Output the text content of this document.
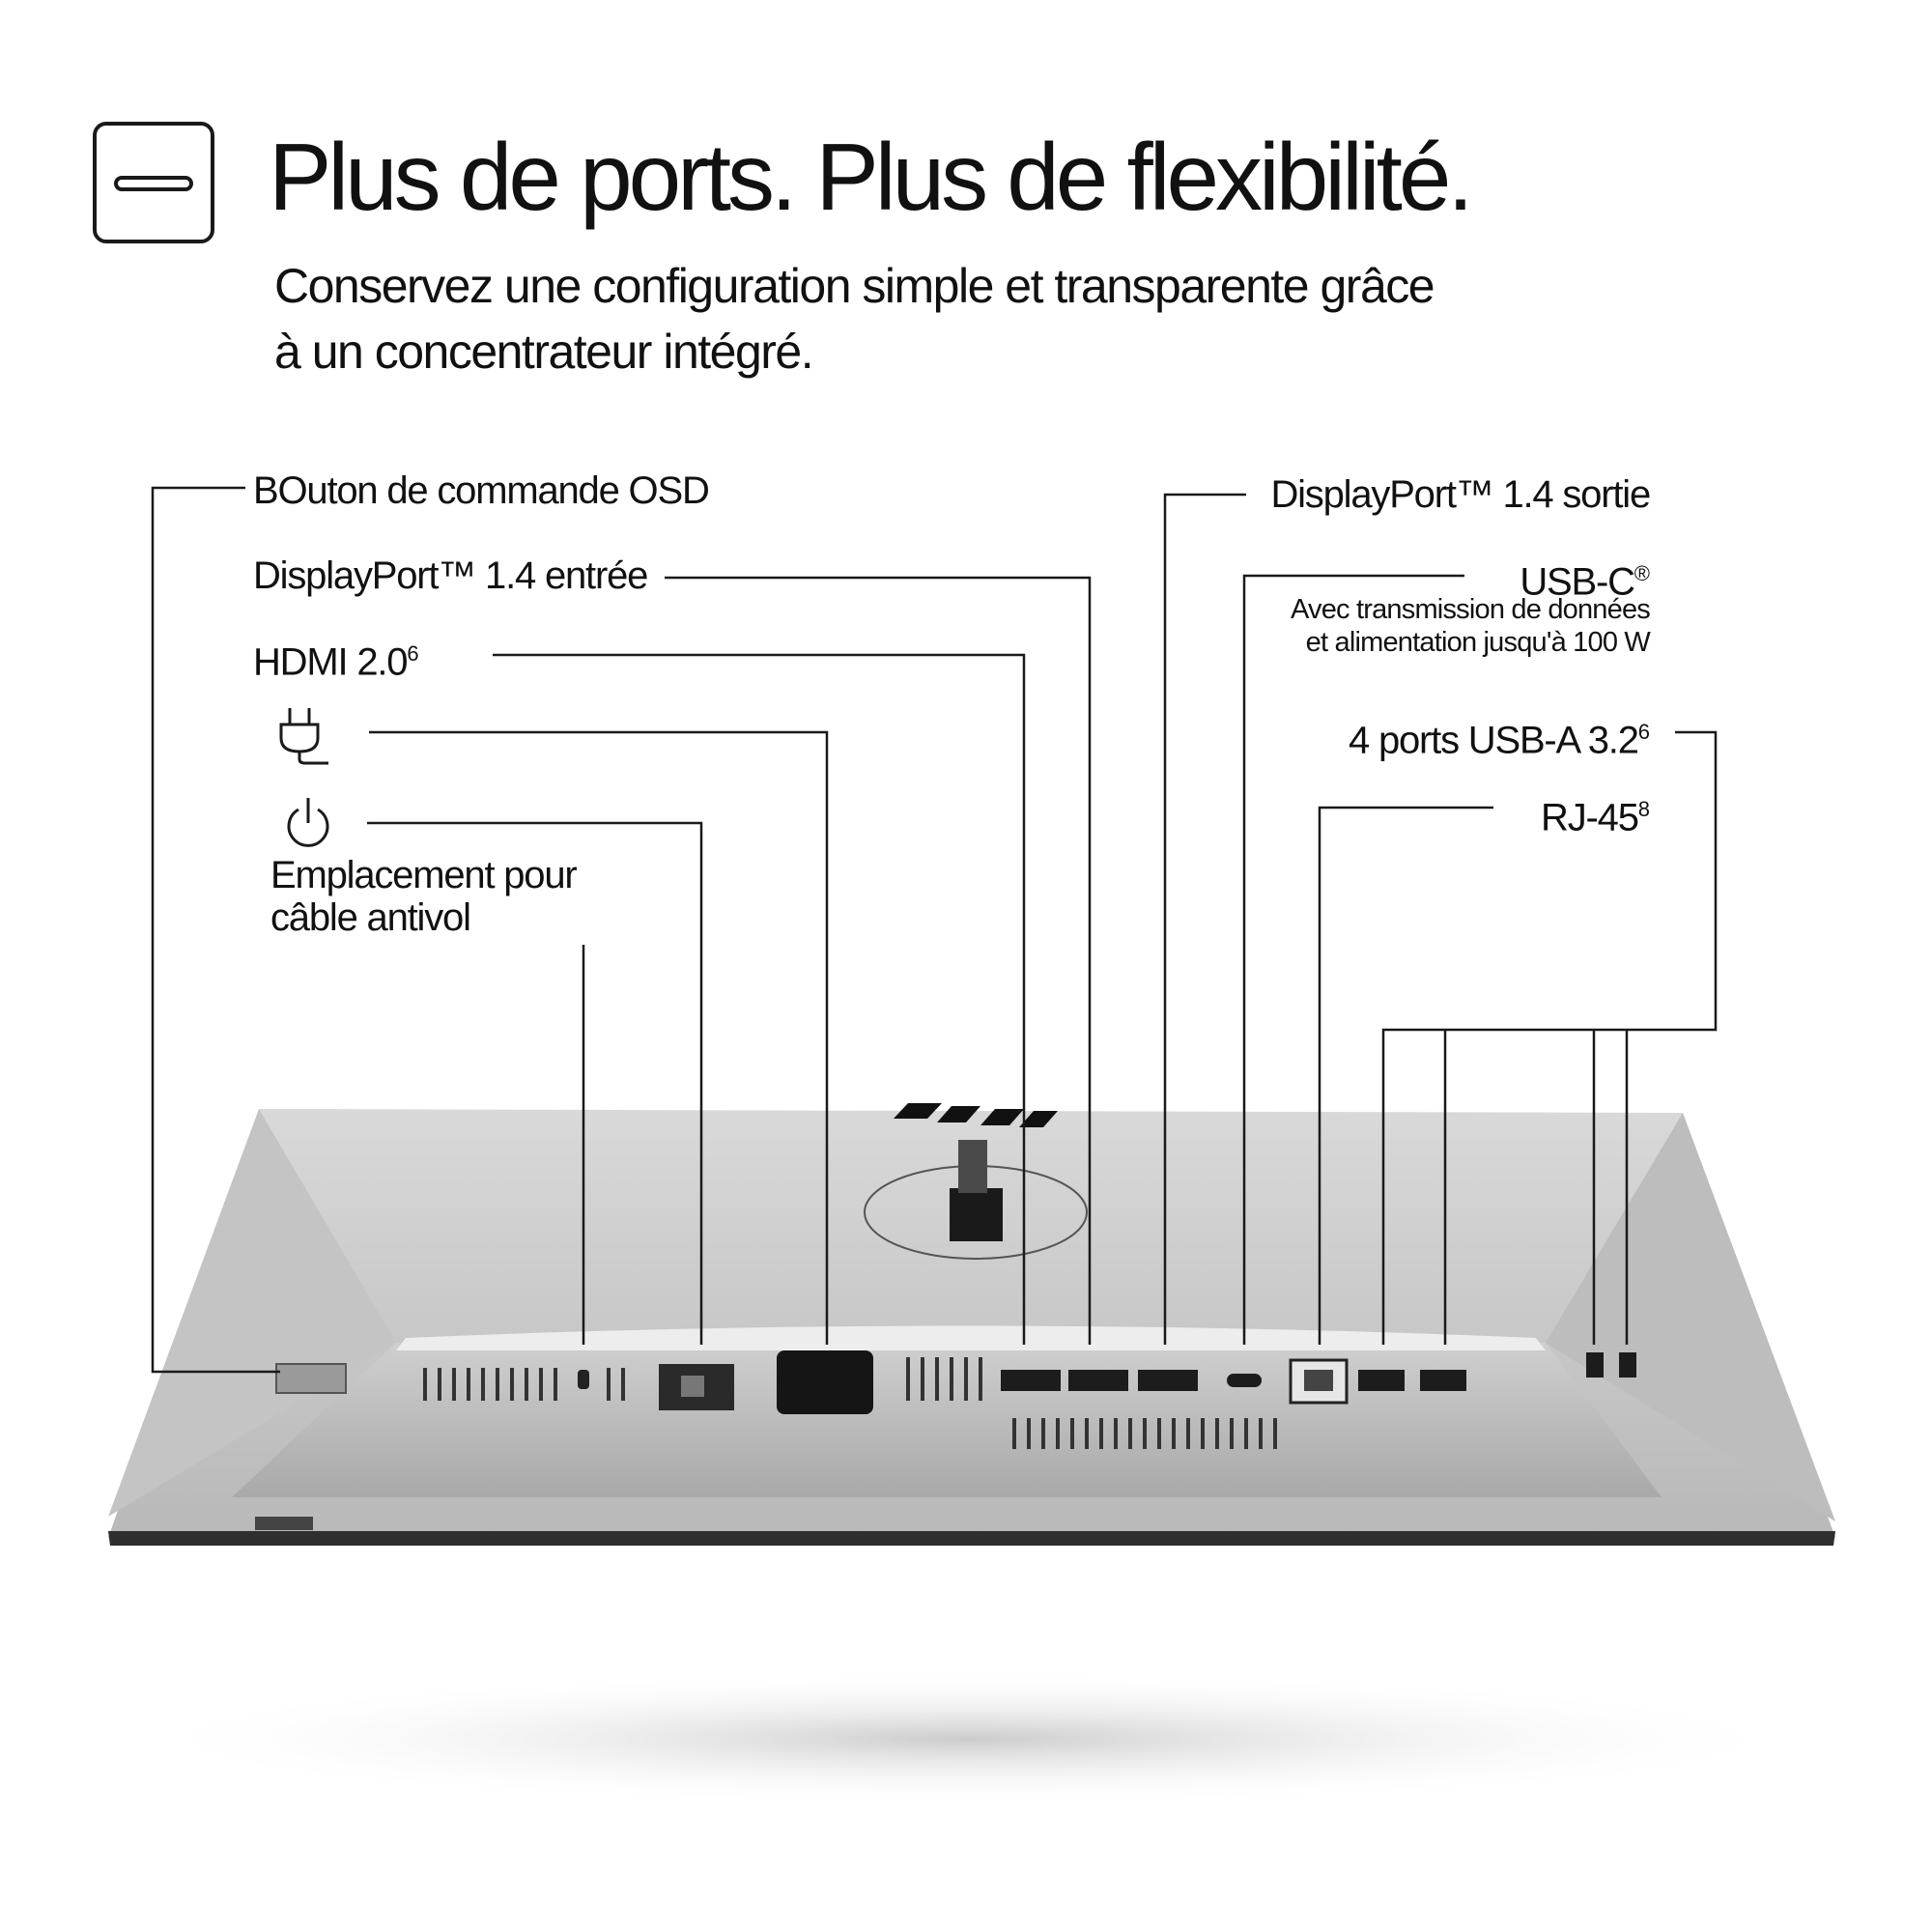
Plus de ports. Plus de flexibilité.
Conservez une configuration simple et transparente grâce
à un concentrateur intégré.
BOuton de commande OSD
DisplayPort™ 1.4 entrée
HDMI $2.0^6$
Emplacement pour
câble antivol
DisplayPort™ 1.4 sortie
USB-C®
Avec transmission de données
et alimentation jusqu'à 100 W
4 ports USB-A $3.2^6$
$RJ-45^8$
